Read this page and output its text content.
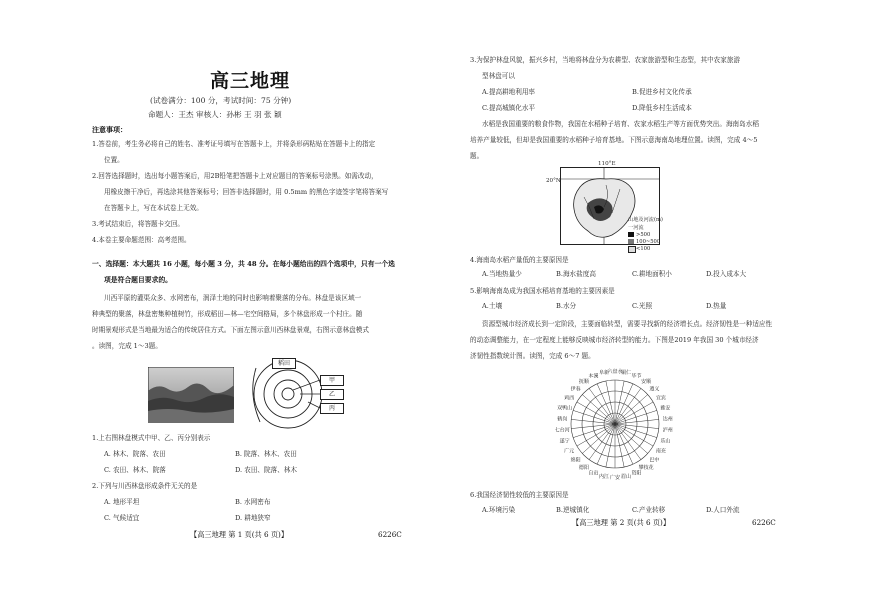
高三地理
(试卷满分：100 分，考试时间：75 分钟)
命题人：王杰 审核人：孙彬 王 羽 张 颖
注意事项：
1.答卷前，考生务必将自己的姓名、准考证号填写在答题卡上，并将条形码粘贴在答题卡上的指定
位置。
2.回答选择题时，选出每小题答案后，用2B铅笔把答题卡上对应题目的答案标号涂黑。如需改动，
用橡皮擦干净后，再选涂其他答案标号；回答非选择题时，用 0.5mm 的黑色字迹签字笔将答案写
在答题卡上，写在本试卷上无效。
3.考试结束后，将答题卡交回。
4.本卷主要命题范围：高考范围。
一、选择题：本大题共 16 小题，每小题 3 分，共 48 分。在每小题给出的四个选项中，只有一个选
项是符合题目要求的。
川西平原的灌渠众多、水网密布，润泽土地的同时也影响着聚落的分布。林盘是该区域一
种典型的聚落，林盘密集种植树竹，形成稻田—林—宅空间格局，多个林盘形成一个村庄。随
时期景观形式是当地最为适合的传统居住方式。下面左图示意川西林盘景观，右图示意林盘模式
。读图，完成 1～3题。
稻田
甲
乙
丙
1.上右图林盘模式中甲、乙、丙分别表示
A. 林木、院落、农田	B. 院落、林木、农田
C. 农田、林木、院落	D. 农田、院落、林木
2.下列与川西林盘形成条件无关的是
A. 地形平坦	B. 水网密布
C. 气候适宜	D. 耕地狭窄
【高三地理 第 1 页(共 6 页)】	6226C
3.为保护林盘风貌，振兴乡村，当地将林盘分为农耕型、农家旅游型和生态型，其中农家旅游
型林盘可以
A.提高耕地利用率	B.促进乡村文化传承
C.提高城镇化水平	D.降低乡村生活成本
水稻是我国重要的粮食作物，我国在水稻种子培育、农家水稻生产等方面优势突出。海南岛水稻
培养产量较低，但却是我国重要的水稻种子培育基地。下图示意海南岛地理位置。读图，完成 4～5
题。
110°E
20°N
山地及河流(m)
一河流
>500
100~500
<100
4.海南岛水稻产量低的主要原因是
A.当地热量少	B.海水盐度高	C.耕地面积小	D.投入成本大
5.影响海南岛成为我国水稻培育基地的主要因素是
A.土壤	B.水分	C.光照	D.热量
资源型城市经济成长到一定阶段，主要面临转型，需要寻找新的经济增长点。经济韧性是一种适应性
的动态调整能力，在一定程度上能够反映城市经济转型的能力。下图是2019 年我国 30 个城市经济
济韧性指数统计图。读图，完成 6～7 题。
六盘水
铜仁
毕节
安顺
遵义
宜宾
雅安
达州
泸州
乐山
南充
巴中
攀枝花
资阳
眉山
广安
内江
自贡
德阳
绵阳
广元
遂宁
七台河
鹤岗
双鸭山
鸡西
伊春
抚顺
本溪
阜新
6.我国经济韧性较低的主要原因是
A.环境污染	B.逆城镇化	C.产业转移	D.人口外流
【高三地理 第 2 页(共 6 页)】	6226C
